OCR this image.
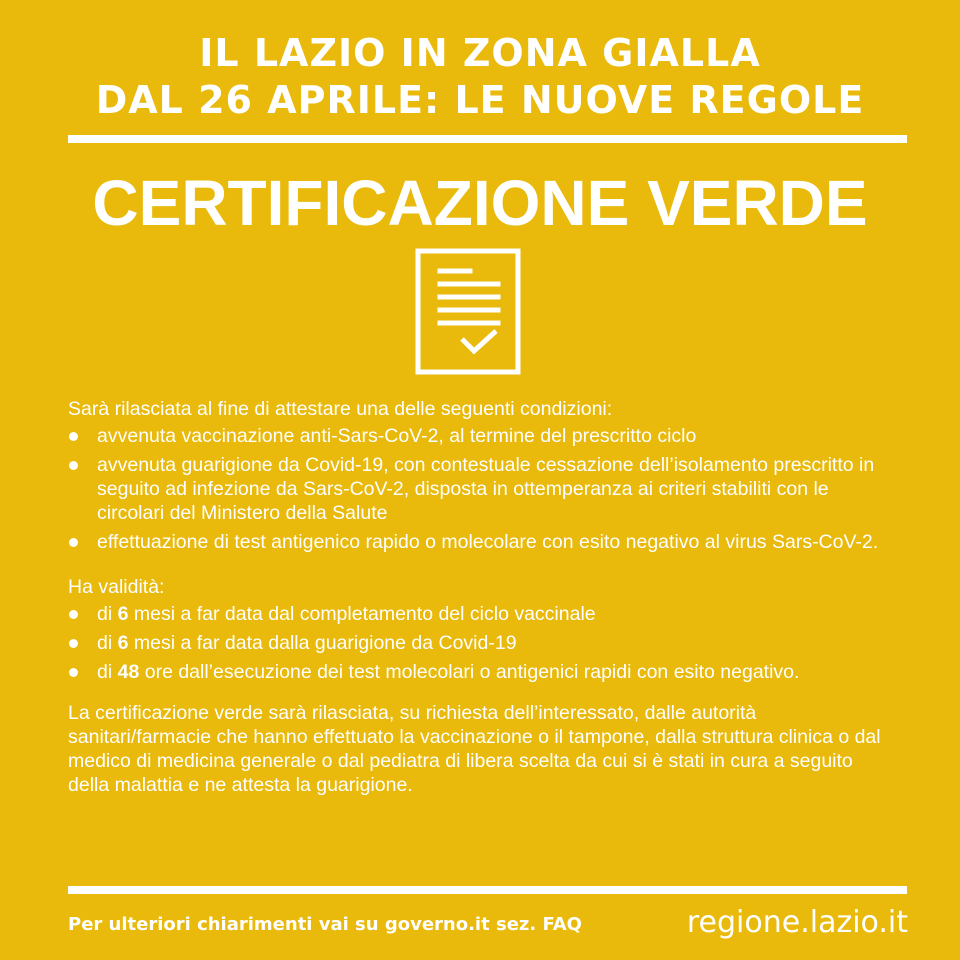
IL LAZIO IN ZONA GIALLA
DAL 26 APRILE: LE NUOVE REGOLE
CERTIFICAZIONE VERDE

Sarà rilasciata al fine di attestare una delle seguenti condizioni:

avvenuta vaccinazione anti-Sars-CoV-2, al termine del prescritto ciclo
avvenuta guarigione da Covid-19, con contestuale cessazione dell’isolamento prescritto in seguito ad infezione da Sars-CoV-2, disposta in ottemperanza ai criteri stabiliti con le circolari del Ministero della Salute
effettuazione di test antigenico rapido o molecolare con esito negativo al virus Sars-CoV-2.

Ha validità:

di 6 mesi a far data dal completamento del ciclo vaccinale
di 6 mesi a far data dalla guarigione da Covid-19
di 48 ore dall’esecuzione dei test molecolari o antigenici rapidi con esito negativo.

La certificazione verde sarà rilasciata, su richiesta dell’interessato, dalle autorità sanitari/farmacie che hanno effettuato la vaccinazione o il tampone, dalla struttura clinica o dal medico di medicina generale o dal pediatra di libera scelta da cui si è stati in cura a seguito della malattia e ne attesta la guarigione.

Per ulteriori chiarimenti vai su governo.it sez. FAQ	regione.lazio.it
